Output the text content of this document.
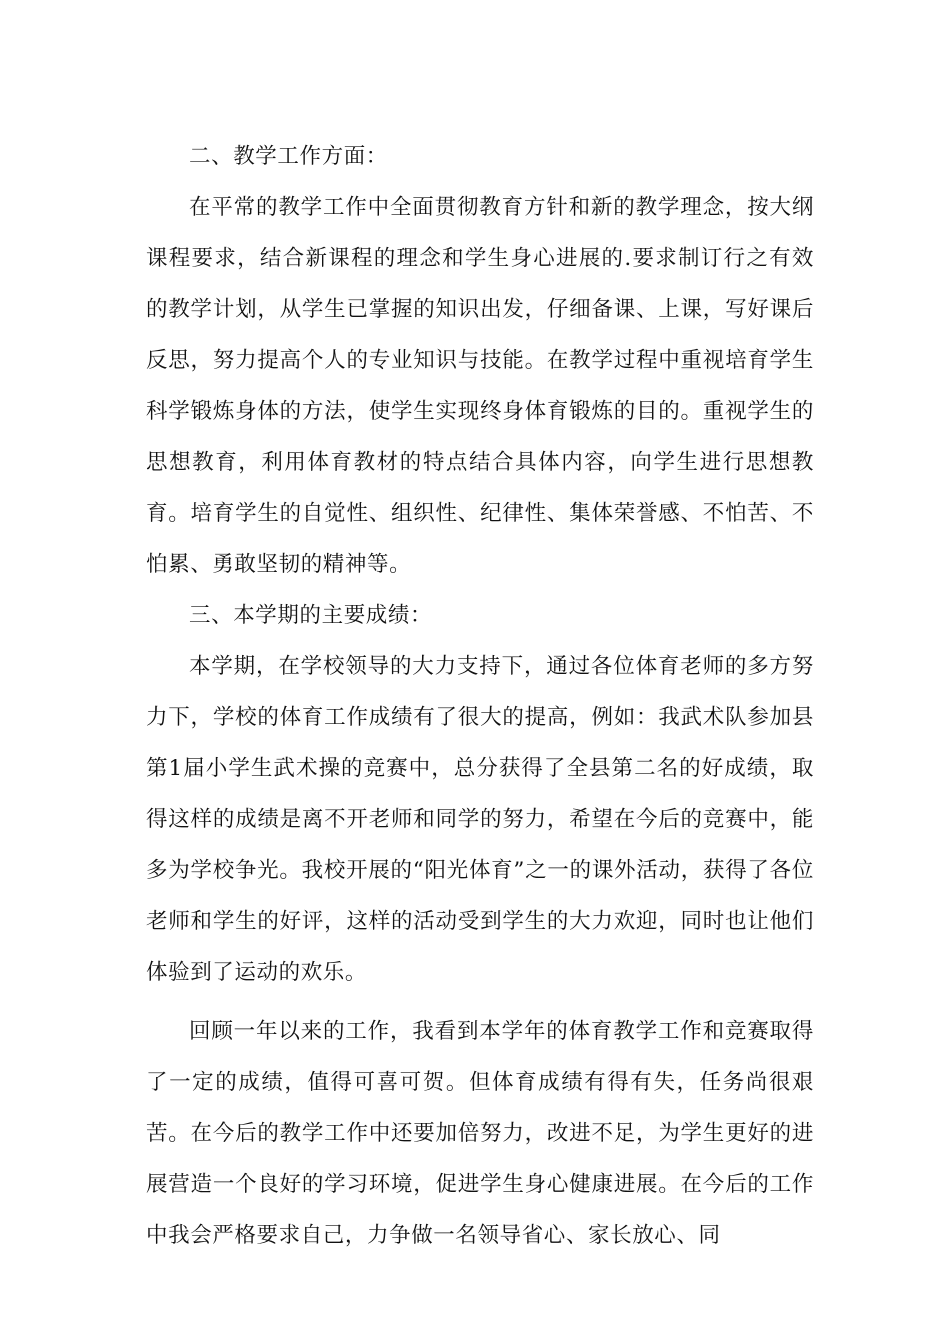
二、教学工作方面：

在平常的教学工作中全面贯彻教育方针和新的教学理念，按大纲课程要求，结合新课程的理念和学生身心进展的.要求制订行之有效的教学计划，从学生已掌握的知识出发，仔细备课、上课，写好课后反思，努力提高个人的专业知识与技能。在教学过程中重视培育学生科学锻炼身体的方法，使学生实现终身体育锻炼的目的。重视学生的思想教育，利用体育教材的特点结合具体内容，向学生进行思想教育。培育学生的自觉性、组织性、纪律性、集体荣誉感、不怕苦、不怕累、勇敢坚韧的精神等。

三、本学期的主要成绩：

本学期，在学校领导的大力支持下，通过各位体育老师的多方努力下，学校的体育工作成绩有了很大的提高，例如：我武术队参加县第1届小学生武术操的竞赛中，总分获得了全县第二名的好成绩，取得这样的成绩是离不开老师和同学的努力，希望在今后的竞赛中，能多为学校争光。我校开展的“阳光体育”之一的课外活动，获得了各位老师和学生的好评，这样的活动受到学生的大力欢迎，同时也让他们体验到了运动的欢乐。

回顾一年以来的工作，我看到本学年的体育教学工作和竞赛取得了一定的成绩，值得可喜可贺。但体育成绩有得有失，任务尚很艰苦。在今后的教学工作中还要加倍努力，改进不足，为学生更好的进展营造一个良好的学习环境，促进学生身心健康进展。在今后的工作中我会严格要求自己，力争做一名领导省心、家长放心、同
